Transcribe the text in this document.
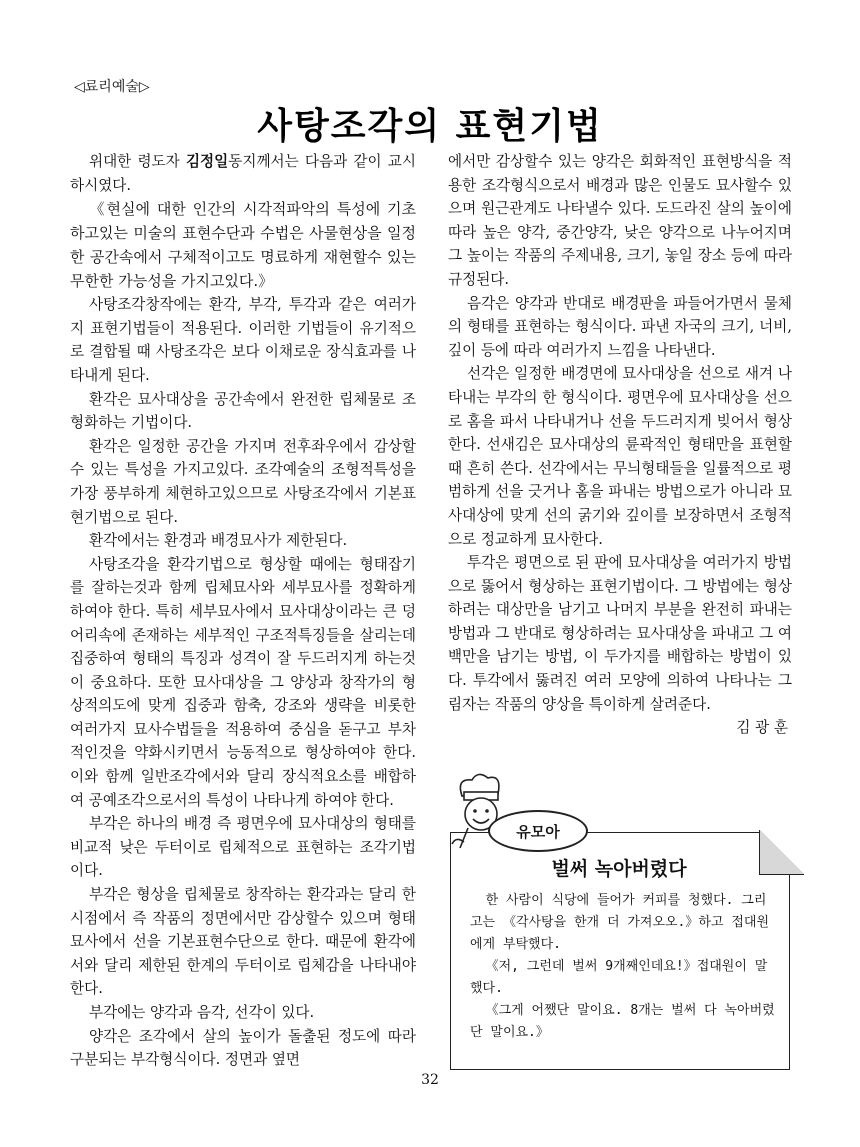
◁료리예술▷
사탕조각의 표현기법

위대한 령도자 김정일동지께서는 다음과 같이 교시하시였다.

《현실에 대한 인간의 시각적파악의 특성에 기초하고있는 미술의 표현수단과 수법은 사물현상을 일정한 공간속에서 구체적이고도 명료하게 재현할수 있는 무한한 가능성을 가지고있다.》

사탕조각창작에는 환각, 부각, 투각과 같은 여러가지 표현기법들이 적용된다. 이러한 기법들이 유기적으로 결합될 때 사탕조각은 보다 이채로운 장식효과를 나타내게 된다.

환각은 묘사대상을 공간속에서 완전한 립체물로 조형화하는 기법이다.

환각은 일정한 공간을 가지며 전후좌우에서 감상할수 있는 특성을 가지고있다. 조각예술의 조형적특성을 가장 풍부하게 체현하고있으므로 사탕조각에서 기본표현기법으로 된다.

환각에서는 환경과 배경묘사가 제한된다.

사탕조각을 환각기법으로 형상할 때에는 형태잡기를 잘하는것과 함께 립체묘사와 세부묘사를 정확하게 하여야 한다. 특히 세부묘사에서 묘사대상이라는 큰 덩어리속에 존재하는 세부적인 구조적특징들을 살리는데 집중하여 형태의 특징과 성격이 잘 두드러지게 하는것이 중요하다. 또한 묘사대상을 그 양상과 창작가의 형상적의도에 맞게 집중과 함축, 강조와 생략을 비롯한 여러가지 묘사수법들을 적용하여 중심을 돋구고 부차적인것을 약화시키면서 능동적으로 형상하여야 한다. 이와 함께 일반조각에서와 달리 장식적요소를 배합하여 공예조각으로서의 특성이 나타나게 하여야 한다.

부각은 하나의 배경 즉 평면우에 묘사대상의 형태를 비교적 낮은 두터이로 립체적으로 표현하는 조각기법이다.

부각은 형상을 립체물로 창작하는 환각과는 달리 한 시점에서 즉 작품의 정면에서만 감상할수 있으며 형태묘사에서 선을 기본표현수단으로 한다. 때문에 환각에서와 달리 제한된 한계의 두터이로 립체감을 나타내야 한다.

부각에는 양각과 음각, 선각이 있다.

양각은 조각에서 살의 높이가 돌출된 정도에 따라 구분되는 부각형식이다. 정면과 옆면

에서만 감상할수 있는 양각은 회화적인 표현방식을 적용한 조각형식으로서 배경과 많은 인물도 묘사할수 있으며 원근관계도 나타낼수 있다. 도드라진 살의 높이에 따라 높은 양각, 중간양각, 낮은 양각으로 나누어지며 그 높이는 작품의 주제내용, 크기, 놓일 장소 등에 따라 규정된다.

음각은 양각과 반대로 배경판을 파들어가면서 물체의 형태를 표현하는 형식이다. 파낸 자국의 크기, 너비, 깊이 등에 따라 여러가지 느낌을 나타낸다.

선각은 일정한 배경면에 묘사대상을 선으로 새겨 나타내는 부각의 한 형식이다. 평면우에 묘사대상을 선으로 홈을 파서 나타내거나 선을 두드러지게 빚어서 형상한다. 선새김은 묘사대상의 륜곽적인 형태만을 표현할 때 흔히 쓴다. 선각에서는 무늬형태들을 일률적으로 평범하게 선을 긋거나 홈을 파내는 방법으로가 아니라 묘사대상에 맞게 선의 굵기와 깊이를 보장하면서 조형적으로 정교하게 묘사한다.

투각은 평면으로 된 판에 묘사대상을 여러가지 방법으로 뚫어서 형상하는 표현기법이다. 그 방법에는 형상하려는 대상만을 남기고 나머지 부분을 완전히 파내는 방법과 그 반대로 형상하려는 묘사대상을 파내고 그 여백만을 남기는 방법, 이 두가지를 배합하는 방법이 있다. 투각에서 뚫려진 여러 모양에 의하여 나타나는 그림자는 작품의 양상을 특이하게 살려준다.

김 광 훈

유모아
벌써 녹아버렸다

한 사람이 식당에 들어가 커피를 청했다. 그리고는 《각사탕을 한개 더 가져오오.》하고 접대원에게 부탁했다.

《저, 그런데 벌써 9개째인데요!》접대원이 말했다.

《그게 어쨌단 말이요. 8개는 벌써 다 녹아버렸단 말이요.》

32
